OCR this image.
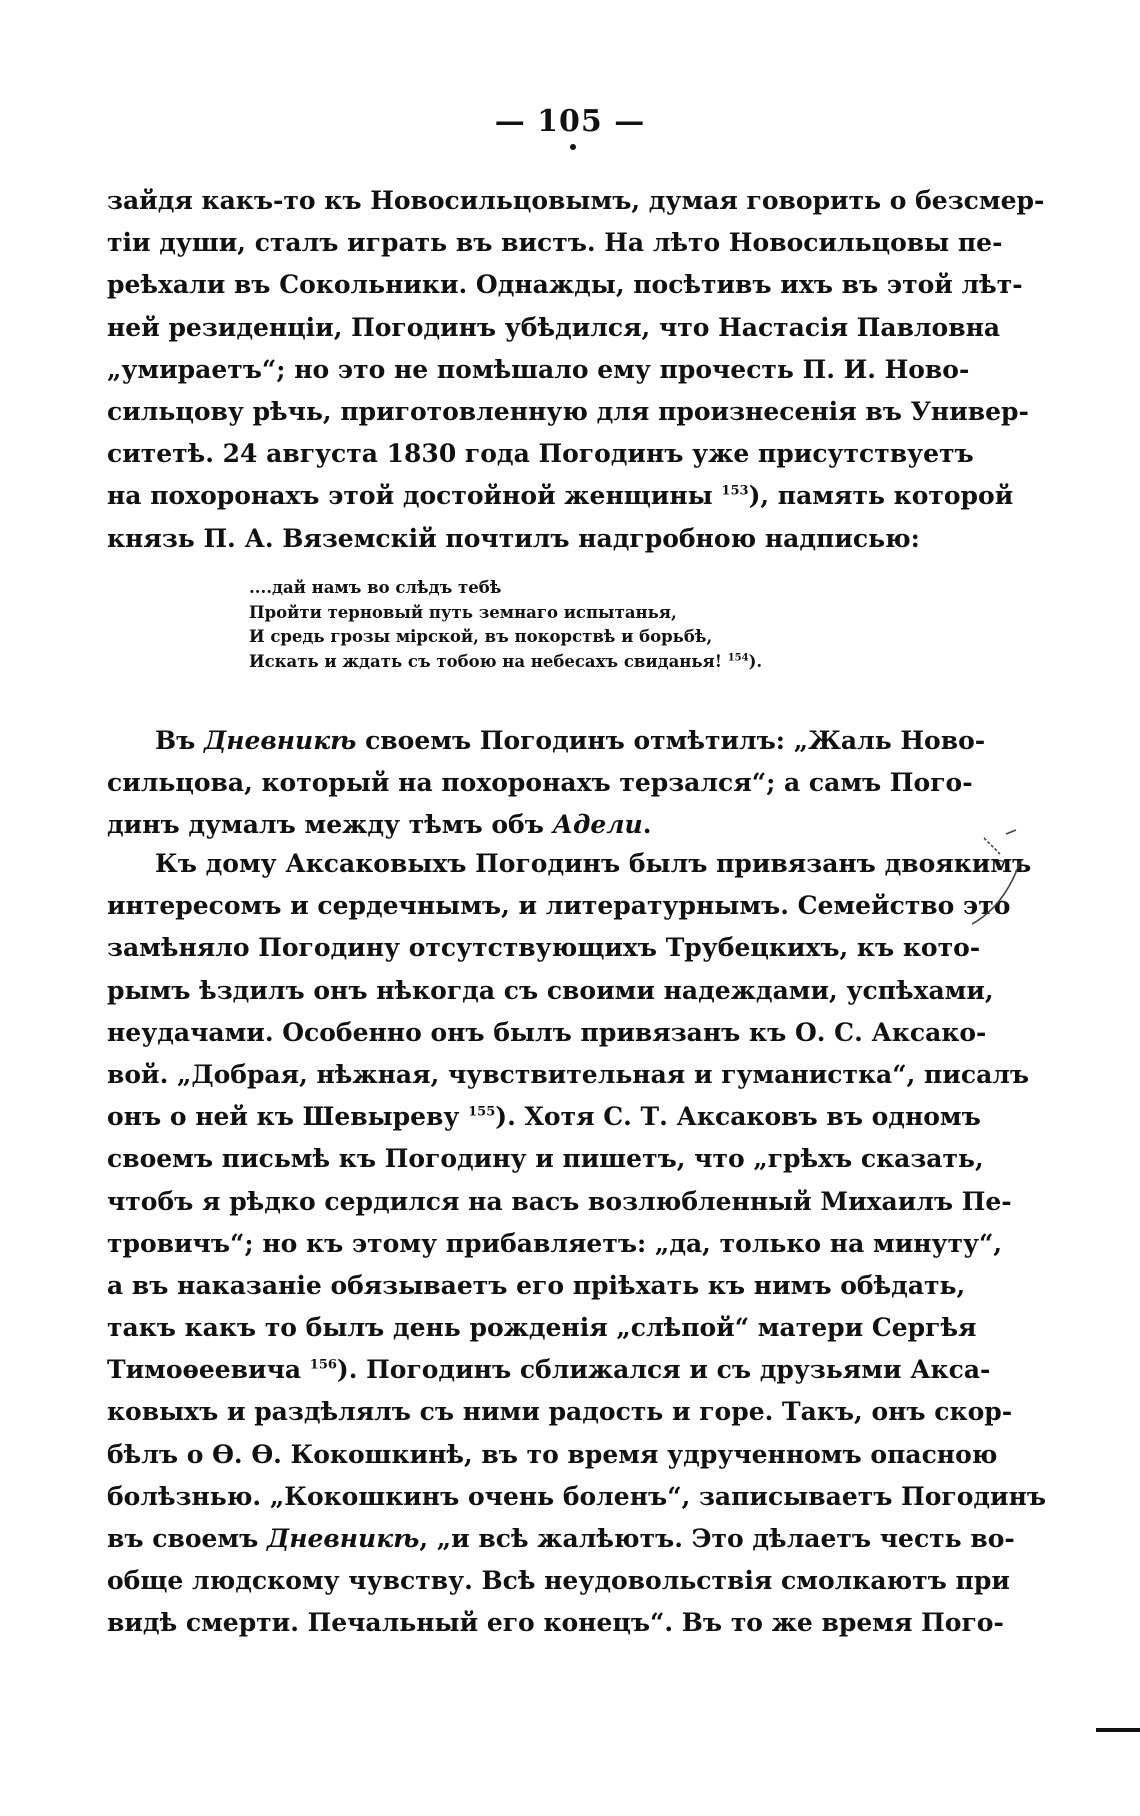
— 105 —
зайдя какъ-то къ Новосильцовымъ, думая говорить о безсмер-
тіи души, сталъ играть въ вистъ. На лѣто Новосильцовы пе-
реѣхали въ Сокольники. Однажды, посѣтивъ ихъ въ этой лѣт-
ней резиденціи, Погодинъ убѣдился, что Настасія Павловна
„умираетъ“; но это не помѣшало ему прочесть П. И. Ново-
сильцову рѣчь, приготовленную для произнесенія въ Универ-
ситетѣ. 24 августа 1830 года Погодинъ уже присутствуетъ
на похоронахъ этой достойной женщины $^{153}$), память которой
князь П. А. Вяземскій почтилъ надгробною надписью:
....дай намъ во слѣдъ тебѣ
Пройти терновый путь земнаго испытанья,
И средь грозы мірской, въ покорствѣ и борьбѣ,
Искать и ждать съ тобою на небесахъ свиданья! $^{154}$).
Въ Дневникѣ своемъ Погодинъ отмѣтилъ: „Жаль Ново-
сильцова, который на похоронахъ терзался“; а самъ Пого-
динъ думалъ между тѣмъ объ Адели.
Къ дому Аксаковыхъ Погодинъ былъ привязанъ двоякимъ
интересомъ и сердечнымъ, и литературнымъ. Семейство это
замѣняло Погодину отсутствующихъ Трубецкихъ, къ кото-
рымъ ѣздилъ онъ нѣкогда съ своими надеждами, успѣхами,
неудачами. Особенно онъ былъ привязанъ къ О. С. Аксако-
вой. „Добрая, нѣжная, чувствительная и гуманистка“, писалъ
онъ о ней къ Шевыреву $^{155}$). Хотя С. Т. Аксаковъ въ одномъ
своемъ письмѣ къ Погодину и пишетъ, что „грѣхъ сказать,
чтобъ я рѣдко сердился на васъ возлюбленный Михаилъ Пе-
тровичъ“; но къ этому прибавляетъ: „да, только на минуту“,
а въ наказаніе обязываетъ его пріѣхать къ нимъ обѣдать,
такъ какъ то былъ день рожденія „слѣпой“ матери Сергѣя
Тимоѳеевича $^{156}$). Погодинъ сближался и съ друзьями Акса-
ковыхъ и раздѣлялъ съ ними радость и горе. Такъ, онъ скор-
бѣлъ о Ѳ. Ѳ. Кокошкинѣ, въ то время удрученномъ опасною
болѣзнью. „Кокошкинъ очень боленъ“, записываетъ Погодинъ
въ своемъ Дневникѣ, „и всѣ жалѣютъ. Это дѣлаетъ честь во-
обще людскому чувству. Всѣ неудовольствія смолкаютъ при
видѣ смерти. Печальный его конецъ“. Въ то же время Пого-
